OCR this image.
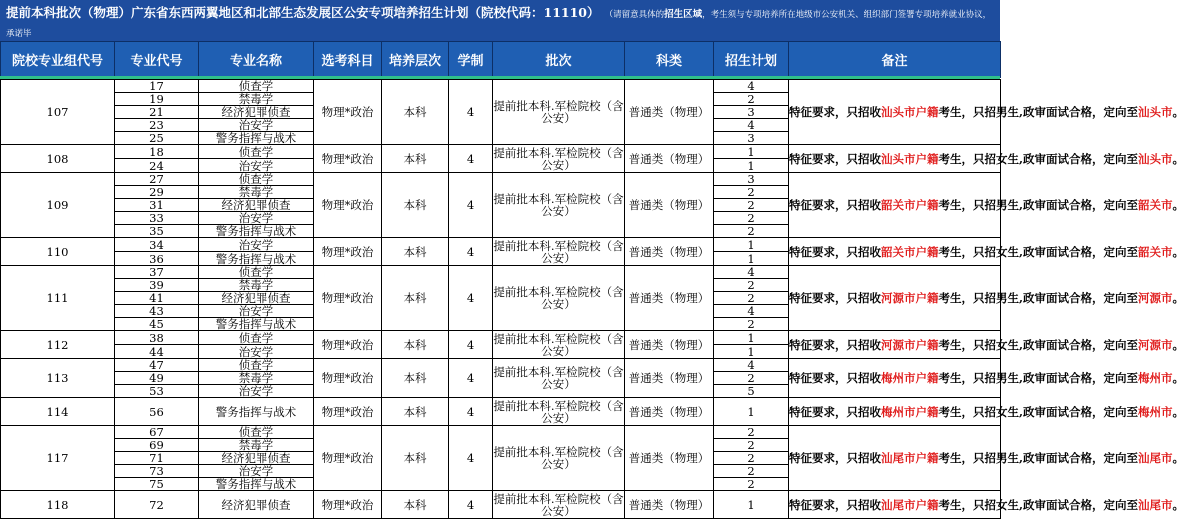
提前本科批次（物理）广东省东西两翼地区和北部生态发展区公安专项培养招生计划（院校代码：11110） （请留意具体的招生区域，考生须与专项培养所在地级市公安机关、组织部门签署专项培养就业协议，承诺毕
院校专业组代号	专业代号	专业名称	选考科目	培养层次	学制	批次	科类	招生计划	备注
107	17	侦查学	物理*政治	本科	4	提前批本科.军检院校（含公安）	普通类（物理）	4	特征要求，只招收汕头市户籍考生，只招男生,政审面试合格，定向至汕头市。
	19	禁毒学						2	
	21	经济犯罪侦查						3	
	23	治安学						4	
	25	警务指挥与战术						3	
108	18	侦查学	物理*政治	本科	4	提前批本科.军检院校（含公安）	普通类（物理）	1	特征要求，只招收汕头市户籍考生，只招女生,政审面试合格，定向至汕头市。
	24	治安学						1	
109	27	侦查学	物理*政治	本科	4	提前批本科.军检院校（含公安）	普通类（物理）	3	特征要求，只招收韶关市户籍考生，只招男生,政审面试合格，定向至韶关市。
	29	禁毒学						2	
	31	经济犯罪侦查						2	
	33	治安学						2	
	35	警务指挥与战术						2	
110	34	治安学	物理*政治	本科	4	提前批本科.军检院校（含公安）	普通类（物理）	1	特征要求，只招收韶关市户籍考生，只招女生,政审面试合格，定向至韶关市。
	36	警务指挥与战术						1	
111	37	侦查学	物理*政治	本科	4	提前批本科.军检院校（含公安）	普通类（物理）	4	特征要求，只招收河源市户籍考生，只招男生,政审面试合格，定向至河源市。
	39	禁毒学						2	
	41	经济犯罪侦查						2	
	43	治安学						4	
	45	警务指挥与战术						2	
112	38	侦查学	物理*政治	本科	4	提前批本科.军检院校（含公安）	普通类（物理）	1	特征要求，只招收河源市户籍考生，只招女生,政审面试合格，定向至河源市。
	44	治安学						1	
113	47	侦查学	物理*政治	本科	4	提前批本科.军检院校（含公安）	普通类（物理）	4	特征要求，只招收梅州市户籍考生，只招男生,政审面试合格，定向至梅州市。
	49	禁毒学						2	
	53	治安学						5	
114	56	警务指挥与战术	物理*政治	本科	4	提前批本科.军检院校（含公安）	普通类（物理）	1	特征要求，只招收梅州市户籍考生，只招女生,政审面试合格，定向至梅州市。
117	67	侦查学	物理*政治	本科	4	提前批本科.军检院校（含公安）	普通类（物理）	2	特征要求，只招收汕尾市户籍考生，只招男生,政审面试合格，定向至汕尾市。
	69	禁毒学						2	
	71	经济犯罪侦查						2	
	73	治安学						2	
	75	警务指挥与战术						2	
118	72	经济犯罪侦查	物理*政治	本科	4	提前批本科.军检院校（含公安）	普通类（物理）	1	特征要求，只招收汕尾市户籍考生，只招女生,政审面试合格，定向至汕尾市。
